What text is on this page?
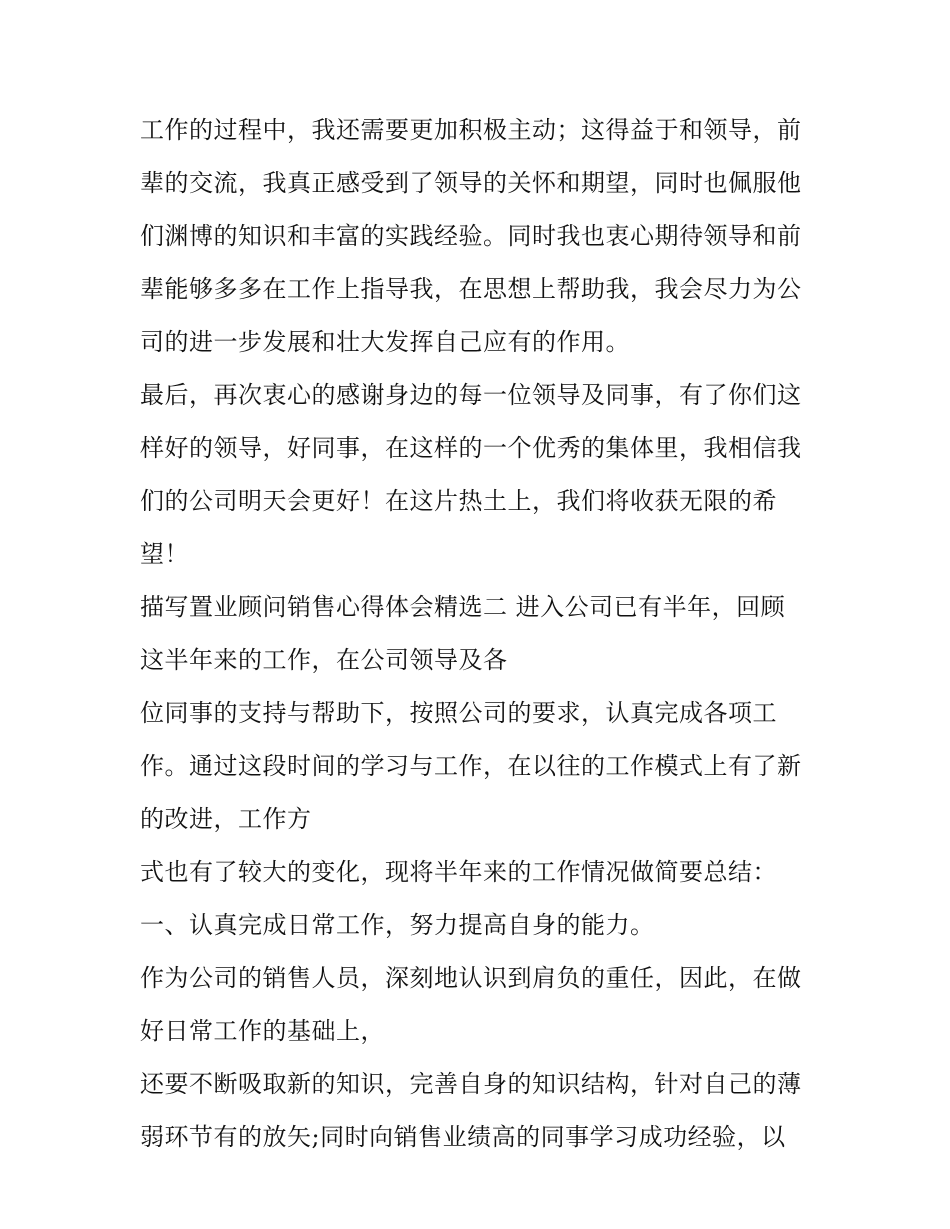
工作的过程中，我还需要更加积极主动；这得益于和领导，前
辈的交流，我真正感受到了领导的关怀和期望，同时也佩服他
们渊博的知识和丰富的实践经验。同时我也衷心期待领导和前
辈能够多多在工作上指导我，在思想上帮助我，我会尽力为公
司的进一步发展和壮大发挥自己应有的作用。
最后，再次衷心的感谢身边的每一位领导及同事，有了你们这
样好的领导，好同事，在这样的一个优秀的集体里，我相信我
们的公司明天会更好！在这片热土上，我们将收获无限的希
望！
描写置业顾问销售心得体会精选二 进入公司已有半年，回顾
这半年来的工作，在公司领导及各
位同事的支持与帮助下，按照公司的要求，认真完成各项工
作。通过这段时间的学习与工作，在以往的工作模式上有了新
的改进，工作方
式也有了较大的变化，现将半年来的工作情况做简要总结：
一、认真完成日常工作，努力提高自身的能力。
作为公司的销售人员，深刻地认识到肩负的重任，因此，在做
好日常工作的基础上，
还要不断吸取新的知识，完善自身的知识结构，针对自己的薄
弱环节有的放矢;同时向销售业绩高的同事学习成功经验，以
